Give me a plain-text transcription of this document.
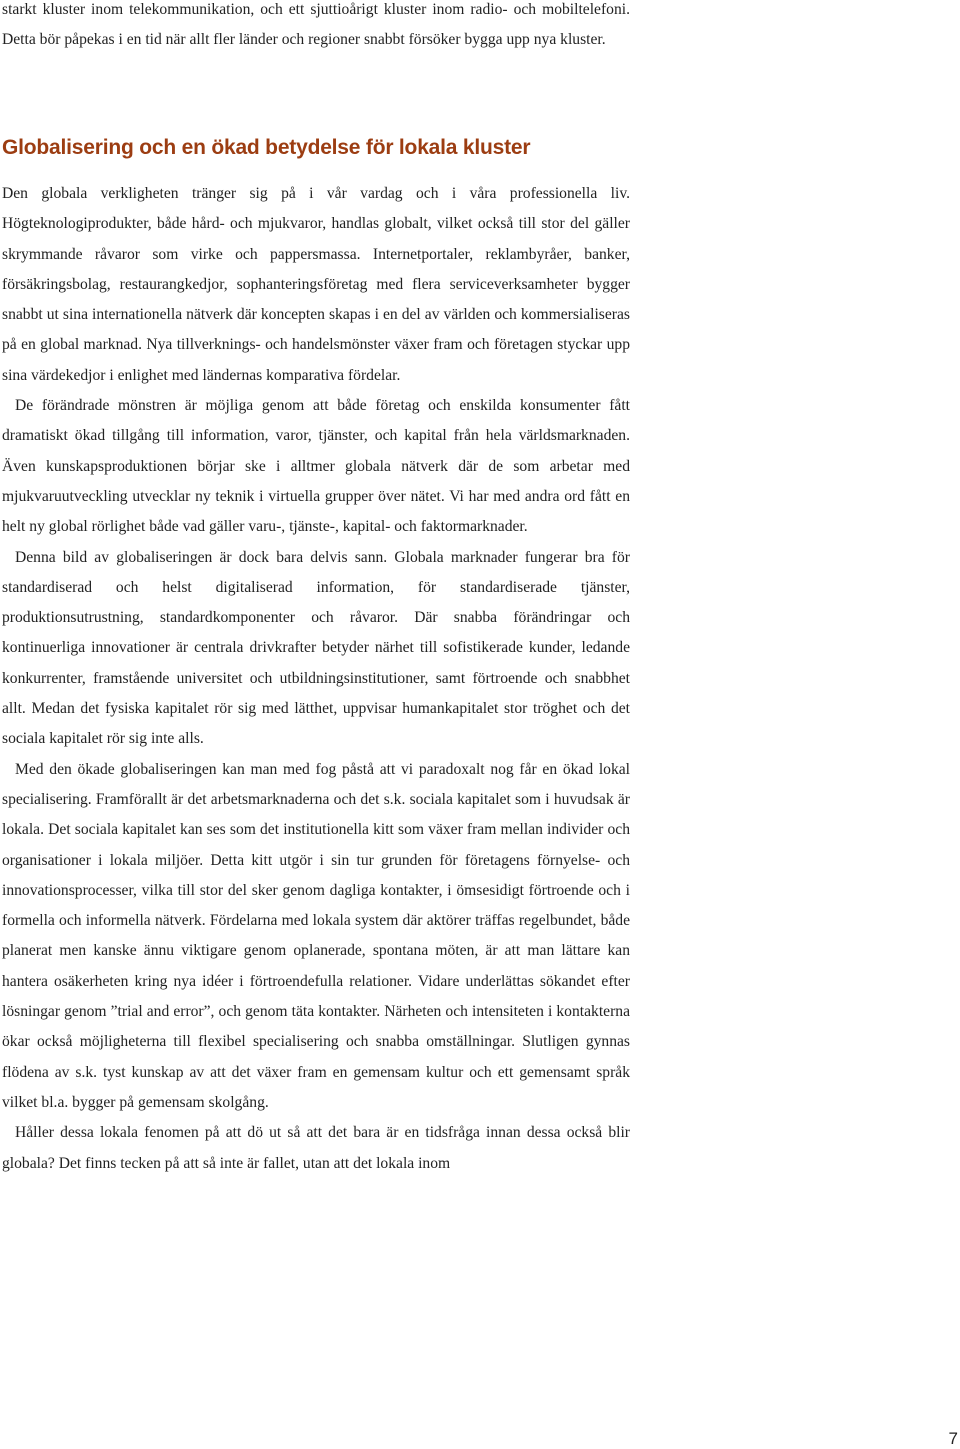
starkt kluster inom telekommunikation, och ett sjuttioårigt kluster inom radio- och mobiltelefoni. Detta bör påpekas i en tid när allt fler länder och regioner snabbt försöker bygga upp nya kluster.

Globalisering och en ökad betydelse för lokala kluster

Den globala verkligheten tränger sig på i vår vardag och i våra professionella liv. Högteknologiprodukter, både hård- och mjukvaror, handlas globalt, vilket också till stor del gäller skrymmande råvaror som virke och pappersmassa. Internetportaler, reklambyråer, banker, försäkringsbolag, restaurangkedjor, sophanteringsföretag med flera serviceverksamheter bygger snabbt ut sina internationella nätverk där koncepten skapas i en del av världen och kommersialiseras på en global marknad. Nya tillverknings- och handelsmönster växer fram och företagen styckar upp sina värdekedjor i enlighet med ländernas komparativa fördelar.

De förändrade mönstren är möjliga genom att både företag och enskilda konsumenter fått dramatiskt ökad tillgång till information, varor, tjänster, och kapital från hela världsmarknaden. Även kunskapsproduktionen börjar ske i alltmer globala nätverk där de som arbetar med mjukvaruutveckling utvecklar ny teknik i virtuella grupper över nätet. Vi har med andra ord fått en helt ny global rörlighet både vad gäller varu-, tjänste-, kapital- och faktormarknader.

Denna bild av globaliseringen är dock bara delvis sann. Globala marknader fungerar bra för standardiserad och helst digitaliserad information, för standardiserade tjänster, produktionsutrustning, standardkomponenter och råvaror. Där snabba förändringar och kontinuerliga innovationer är centrala drivkrafter betyder närhet till sofistikerade kunder, ledande konkurrenter, framstående universitet och utbildningsinstitutioner, samt förtroende och snabbhet allt. Medan det fysiska kapitalet rör sig med lätthet, uppvisar humankapitalet stor tröghet och det sociala kapitalet rör sig inte alls.

Med den ökade globaliseringen kan man med fog påstå att vi paradoxalt nog får en ökad lokal specialisering. Framförallt är det arbetsmarknaderna och det s.k. sociala kapitalet som i huvudsak är lokala. Det sociala kapitalet kan ses som det institutionella kitt som växer fram mellan individer och organisationer i lokala miljöer. Detta kitt utgör i sin tur grunden för företagens förnyelse- och innovationsprocesser, vilka till stor del sker genom dagliga kontakter, i ömsesidigt förtroende och i formella och informella nätverk. Fördelarna med lokala system där aktörer träffas regelbundet, både planerat men kanske ännu viktigare genom oplanerade, spontana möten, är att man lättare kan hantera osäkerheten kring nya idéer i förtroendefulla relationer. Vidare underlättas sökandet efter lösningar genom ”trial and error”, och genom täta kontakter. Närheten och intensiteten i kontakterna ökar också möjligheterna till flexibel specialisering och snabba omställningar. Slutligen gynnas flödena av s.k. tyst kunskap av att det växer fram en gemensam kultur och ett gemensamt språk vilket bl.a. bygger på gemensam skolgång.

Håller dessa lokala fenomen på att dö ut så att det bara är en tidsfråga innan dessa också blir globala? Det finns tecken på att så inte är fallet, utan att det lokala inom

7
